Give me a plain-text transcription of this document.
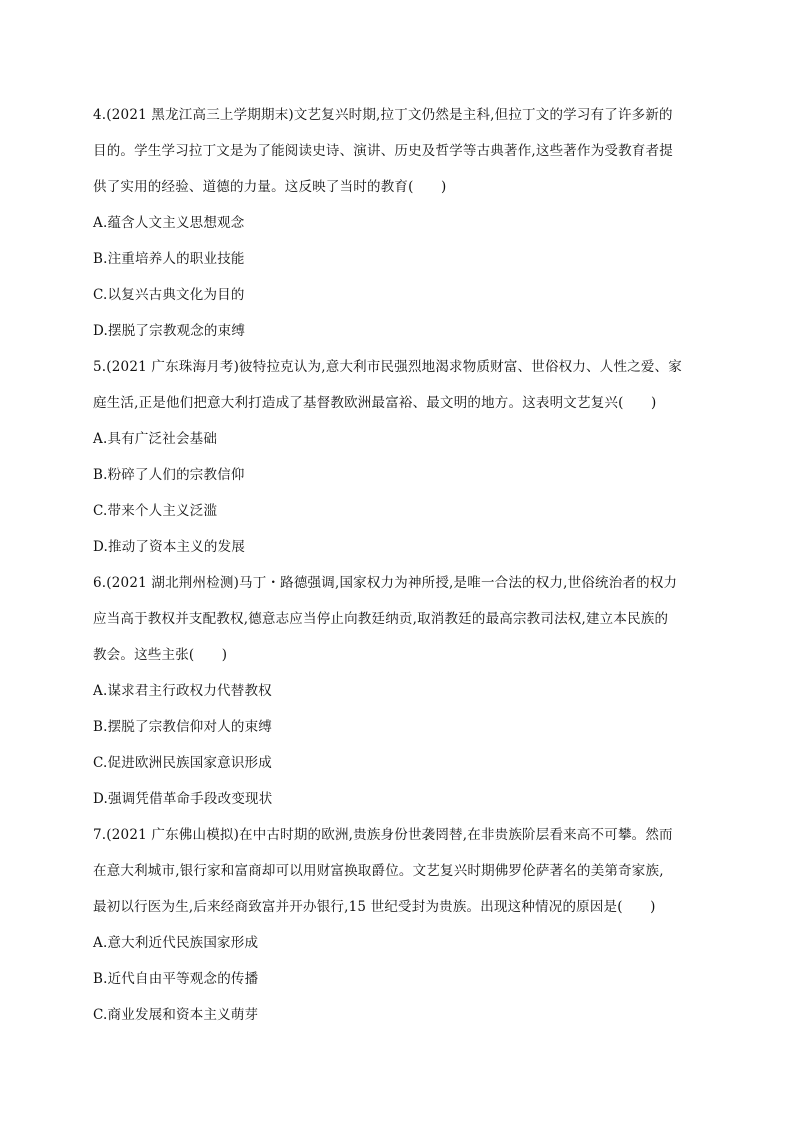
4.(2021 黑龙江高三上学期期末)文艺复兴时期,拉丁文仍然是主科,但拉丁文的学习有了许多新的
目的。学生学习拉丁文是为了能阅读史诗、演讲、历史及哲学等古典著作,这些著作为受教育者提
供了实用的经验、道德的力量。这反映了当时的教育(　　)
A.蕴含人文主义思想观念
B.注重培养人的职业技能
C.以复兴古典文化为目的
D.摆脱了宗教观念的束缚
5.(2021 广东珠海月考)彼特拉克认为,意大利市民强烈地渴求物质财富、世俗权力、人性之爱、家
庭生活,正是他们把意大利打造成了基督教欧洲最富裕、最文明的地方。这表明文艺复兴(　　)
A.具有广泛社会基础
B.粉碎了人们的宗教信仰
C.带来个人主义泛滥
D.推动了资本主义的发展
6.(2021 湖北荆州检测)马丁・路德强调,国家权力为神所授,是唯一合法的权力,世俗统治者的权力
应当高于教权并支配教权,德意志应当停止向教廷纳贡,取消教廷的最高宗教司法权,建立本民族的
教会。这些主张(　　)
A.谋求君主行政权力代替教权
B.摆脱了宗教信仰对人的束缚
C.促进欧洲民族国家意识形成
D.强调凭借革命手段改变现状
7.(2021 广东佛山模拟)在中古时期的欧洲,贵族身份世袭罔替,在非贵族阶层看来高不可攀。然而
在意大利城市,银行家和富商却可以用财富换取爵位。文艺复兴时期佛罗伦萨著名的美第奇家族,
最初以行医为生,后来经商致富并开办银行,15 世纪受封为贵族。出现这种情况的原因是(　　)
A.意大利近代民族国家形成
B.近代自由平等观念的传播
C.商业发展和资本主义萌芽
